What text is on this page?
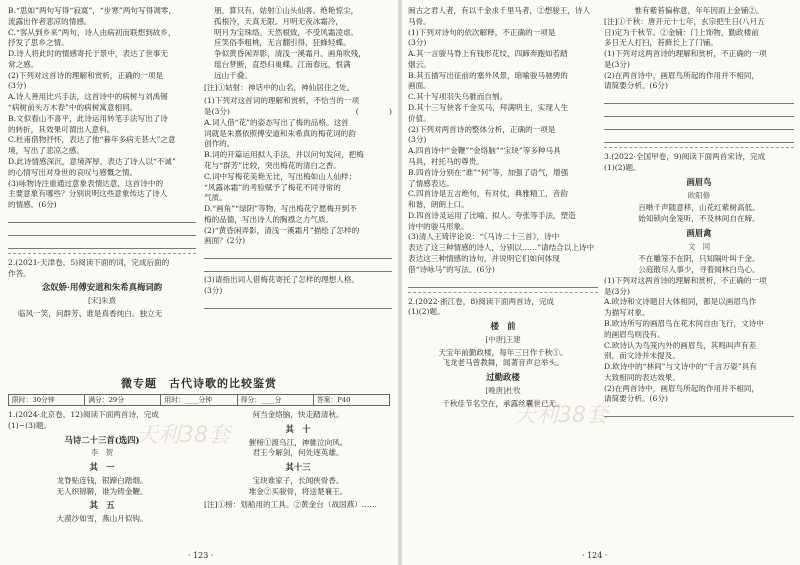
B.“思如”两句写得“寂寞”，“步寒”两句写得凋零，
流露出作者悲凉的情感。
C.“客从到乡来”两句，诗人由病初而联想到故乡，
抒发了思乡之情。
D.诗人将此时的情感寄托于景中，表达了世事无
常之感。
(2)下列对这首诗的理解和赏析，正确的一项是
(3分)
A.诗人善用比兴手法，这首诗中的病树与刘禹锡
“病树前头万木春”中的病树寓意相同。
B.文似看山不喜平，此诗运用转笔手法写出了诗
的转折，其效果可谓出人意料。
C.杜甫借物抒怀，表达了他“暮年多病无甚大”之意
境，写出了悲凉之感。
D.此诗情感深沉，意境浑厚，表达了诗人以“不诚”
的心情写出对身世的哀叹与感慨之情。
(3)咏物诗注重通过意象表情达意，这首诗中的
主要意象有哪些？分别说明这些意象传达了诗人
的情感。(6分)
2.(2021·天津卷，5)阅读下面的词，完成后面的
作答。
念奴娇·用傅安道和朱希真梅词韵
[宋]朱熹
临风一笑，问群芳、谁是真香纯白。独立无
朋，算只有，姑射①山头仙客。绝艳惊尘，
孤根冷，天真无限。月明无夜冰霜冷，
明月为宝珠络。天然根致，不受风霜凌虐。
应笑俗李粗桃，无言翻引得，狂蜂轻蝶。
争似黄昏闲弄影，清浅一溪霜月。画角吹残，
瑶台梦断，直恐归巢蝶。江南春远，恨满
远山千叠。
[注]①姑射：神话中的山名，神仙居住之处。
(1)下列对这首词的理解和赏析，不恰当的一项
是(3分)	(　　　　)
A.词人借“花”的姿态写出了梅的品格。这首
词就是朱熹依照傅安道和朱希真的梅花词的韵
创作的。
B.词的开篇运用拟人手法，并以问句发问，把梅
花与“群芳”比较，突出梅花的清白之香。
C.词中写梅花美艳无比，写出梅如山人仙样；
“风露冰霜”的考验赋予了梅花不同寻常的
气质。
D.“画角”“绿阴”等物，写出梅花宁愿梅开到不
梅的品德，写出诗人的胸襟之力气质。
(2)“黄昏闲弄影，清浅一溪霜月”描绘了怎样的
画面？(2分)
(3)请指出词人借梅花寄托了怎样的理想人格。
(3分)
微专题　古代诗歌的比较鉴赏
限时：30分钟	满分：29分	用时：____分钟	得分：____分	答案：P40
1.(2024·北京卷，12)阅读下面两首诗，完成
(1)~(3)题。
马诗二十三首(选四)
李　贺
其　一
龙脊贴连钱，银蹄白踏烟。
无人织锦鞯，谁为铸金鞭。
其　五
大漠沙如雪，燕山月似钩。
何当金络脑，快走踏清秋。
其　十
催榜①渡乌江，神骓泣向风。
君王今解剑，何处逐英雄。
其十三
宝玦谁家子，长闻侠骨香。
堆金②买骏骨，将送楚襄王。
[注]①榜：划船用的工具。②黄金台（战国燕）……
天利38套
· 123 ·
闽古之君人者，有以千金求千里马者，②想骏王，诗人
马骨。
(1)下列对诗句的依次解释，不正确的一项是
(3分)
A.其一言骏马脊上有钱形花纹，四蹄奔跑如若踏
烟云。
B.其五描写出征前的塞外风景，暗喻骏马驰骋的
画面。
C.其十写项羽失乌骓而自刎。
D.其十三写侠客千金买马，拜满明主，实现人生
价值。
(2)下列对两首诗的整体分析，正确的一项是
(3分)
A.四首诗中“金鞭”“金络脑”“宝玦”等多种马具
马具，衬托马的尊贵。
B.四首诗分别在“谁”“何”等，加强了语气，增强
了情感表达。
C.四首诗是五言绝句，有对仗，典雅精工，音韵
和谐，朗朗上口。
D.四首诗灵运用了比喻、拟人、夸张等手法，塑造
诗中的骏马形象。
(3)清人王琦评论说：“《马诗二十三首》，诗中
表达了这三种情感的诗人，分别以……”请结合以上诗中
表达这三种情感的诗句，并说明它们如何体现
借“诗咏马”的写法。(6分)
2.(2022·浙江卷，8)阅读下面两首诗，完成
(1)(2)题。
楼　前
[中唐]王建
天宝年前勤政楼，每年三日作千秋①。
飞龙老马曾教舞，闻著音声总举头。
过勤政楼
[晚唐]杜牧
千秋佳节名空在，承露丝囊世已无。
惟有紫苔偏称意，年年因雨上金铺②。
[注]①千秋：唐开元十七年，玄宗把生日(八月五
日)定为千秋节。②金铺：门上饰物，勤政楼前
多日无人打扫，苔藓长上了门铺。
(1)下列对这两首诗的理解和赏析，不正确的一项
是(3分)
(2)在两首诗中，画眉鸟所起的作用并不相同，
请简要分析。(6分)
3.(2022·全国甲卷，9)阅读下面两首宋诗，完成
(1)(2)题。
画眉鸟
欧阳修
百啭千声随意移，山花红紫树高低。
始知锁向金笼听，不及林间自在啼。
画眉禽
文　同
不在雕笼不在阴，只知隔叶叫千金。
公庭散尽人事少，寻着闻林白鸟心。
(1)下列对这两首诗的理解和赏析，不正确的一项
是(3分)
A.欧诗和文诗题目大体相同，都是以画眉鸟作
为描写对象。
B.欧诗所写的画眉鸟在花木间自由飞行，文诗中
的画眉鸟则没有。
C.欧诗认为鸟笼内外的画眉鸟，其鸣叫声有差
别，而文诗并未提及。
D.欧诗中的“林间”与文诗中的“千言万姿”具有
大致相同的表达效果。
(2)在两首诗中，画眉鸟所起的作用并不相同，
请简要分析。(6分)
天利38套
· 124 ·
